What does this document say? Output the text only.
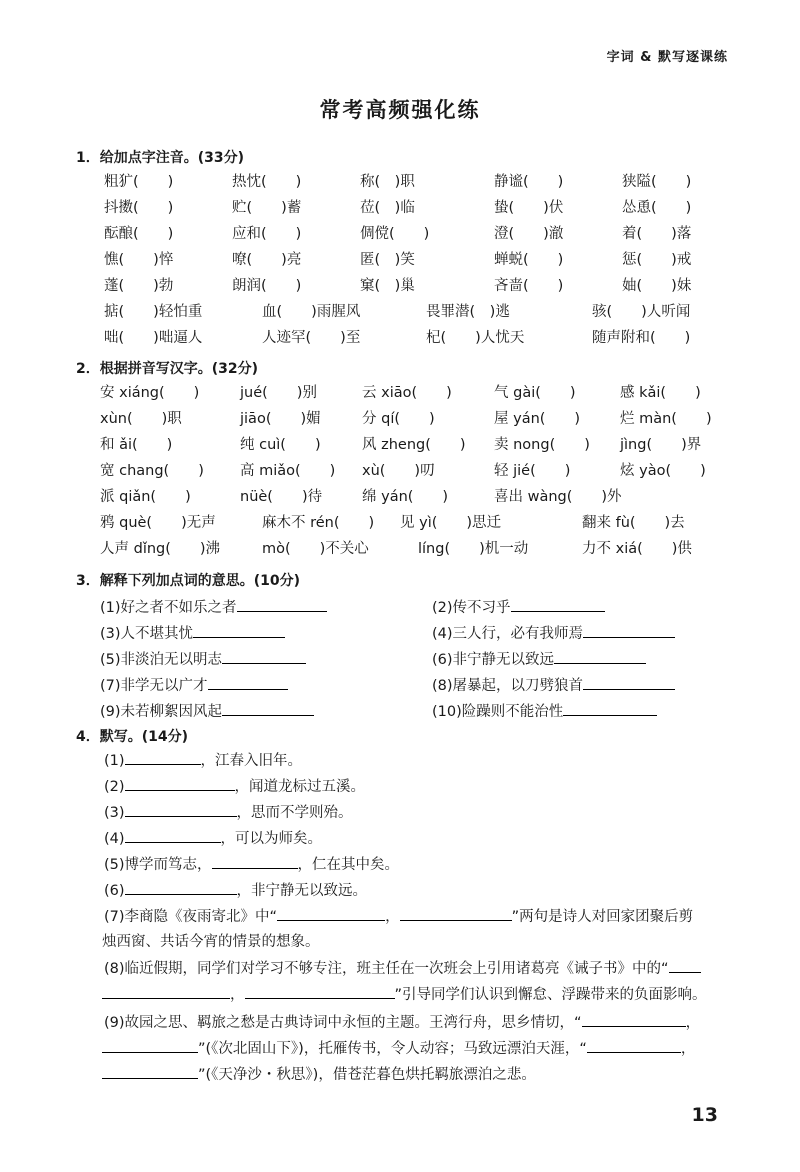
字词 & 默写逐课练
常考高频强化练
1．给加点字注音。(33分)
粗犷(　　)	热忱(　　)	称(　)职	静谧(　　)	狭隘(　　)
抖擞(　　)	贮(　　)蓄	莅(　)临	蛰(　　)伏	怂恿(　　)
酝酿(　　)	应和(　　)	倜傥(　　)	澄(　　)澈	着(　　)落
憔(　　)悴	嘹(　　)亮	匿(　)笑	蝉蜕(　　)	惩(　　)戒
蓬(　　)勃	朗润(　　)	窠(　)巢	吝啬(　　)	妯(　　)妹
掂(　　)轻怕重	血(　　)雨腥风	畏罪潜(　)逃	骇(　　)人听闻
咄(　　)咄逼人	人迹罕(　　)至	杞(　　)人忧天	随声附和(　　)
2．根据拼音写汉字。(32分)
安 xiáng(　　)	jué(　　)别	云 xiāo(　　)	气 gài(　　)	感 kǎi(　　)
xùn(　　)职	jiāo(　　)媚	分 qí(　　)	屋 yán(　　)	烂 màn(　　)
和 ǎi(　　)	纯 cuì(　　)	风 zheng(　　) 卖 nong(　　) jìng(　　)界
宽 chang(　　) 高 miǎo(　　) xù(　　)叨	轻 jié(　　)	炫 yào(　　)
派 qiǎn(　　)	nüè(　　)待	绵 yán(　　)	喜出 wàng(　　)外
鸦 què(　　)无声	麻木不 rén(　　) 见 yì(　　)思迁	翻来 fù(　　)去
人声 dǐng(　　)沸	mò(　　)不关心	líng(　　)机一动	力不 xiá(　　)供
3．解释下列加点词的意思。(10分)
(1)好之者不如乐之者	(2)传不习乎
(3)人不堪其忧	(4)三人行，必有我师焉
(5)非淡泊无以明志	(6)非宁静无以致远
(7)非学无以广才	(8)屠暴起，以刀劈狼首
(9)未若柳絮因风起	(10)险躁则不能治性
4．默写。(14分)
(1)	，江春入旧年。
(2)	，闻道龙标过五溪。
(3)	，思而不学则殆。
(4)	，可以为师矣。
(5)博学而笃志，	，仁在其中矣。
(6)	，非宁静无以致远。
(7)李商隐《夜雨寄北》中“	，	”两句是诗人对回家团聚后剪
烛西窗、共话今宵的情景的想象。
(8)临近假期，同学们对学习不够专注，班主任在一次班会上引用诸葛亮《诫子书》中的“
，	”引导同学们认识到懈怠、浮躁带来的负面影响。
(9)故园之思、羁旅之愁是古典诗词中永恒的主题。王湾行舟，思乡情切，“	，
”(《次北固山下》)，托雁传书，令人动容；马致远漂泊天涯，“	，
”(《天净沙・秋思》)，借苍茫暮色烘托羁旅漂泊之悲。
13
